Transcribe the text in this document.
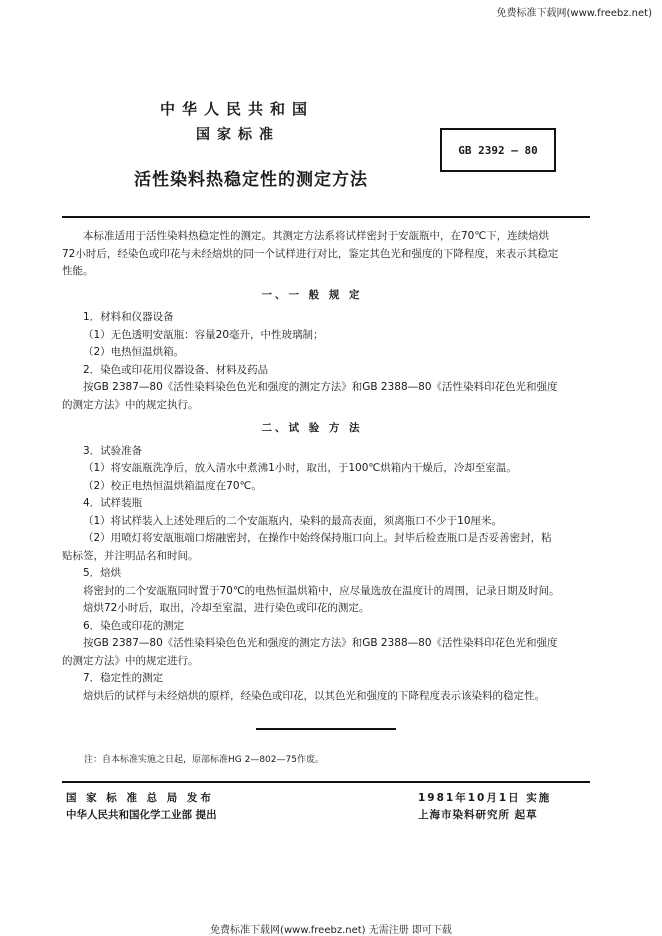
免费标准下载网(www.freebz.net)
中华人民共和国
国家标准
GB 2392 — 80
活性染料热稳定性的测定方法

本标准适用于活性染料热稳定性的测定。其测定方法系将试样密封于安瓿瓶中，在70℃下，连续焙烘72小时后，经染色或印花与未经焙烘的同一个试样进行对比，鉴定其色光和强度的下降程度，来表示其稳定性能。

一、一 般 规 定

1．材料和仪器设备

（1）无色透明安瓿瓶：容量20毫升，中性玻璃制；

（2）电热恒温烘箱。

2．染色或印花用仪器设备、材料及药品

按GB 2387—80《活性染料染色色光和强度的测定方法》和GB 2388—80《活性染料印花色光和强度的测定方法》中的规定执行。

二、试 验 方 法

3．试验准备

（1）将安瓿瓶洗净后，放入清水中煮沸1小时，取出，于100℃烘箱内干燥后，冷却至室温。

（2）校正电热恒温烘箱温度在70℃。

4．试样装瓶

（1）将试样装入上述处理后的二个安瓿瓶内，染料的最高表面，须离瓶口不少于10厘米。

（2）用喷灯将安瓿瓶端口熔融密封，在操作中始终保持瓶口向上。封毕后检查瓶口是否妥善密封，粘贴标签，并注明品名和时间。

5．焙烘

将密封的二个安瓿瓶同时置于70℃的电热恒温烘箱中，应尽量选放在温度计的周围，记录日期及时间。

焙烘72小时后，取出，冷却至室温，进行染色或印花的测定。

6．染色或印花的测定

按GB 2387—80《活性染料染色色光和强度的测定方法》和GB 2388—80《活性染料印花色光和强度的测定方法》中的规定进行。

7．稳定性的测定

焙烘后的试样与未经焙烘的原样，经染色或印花，以其色光和强度的下降程度表示该染料的稳定性。

注：自本标准实施之日起，原部标准HG 2—802—75作废。
国 家 标 准 总 局 发布
中华人民共和国化学工业部 提出
1981年10月1日 实施
上海市染料研究所 起草
免费标准下载网(www.freebz.net) 无需注册 即可下载
